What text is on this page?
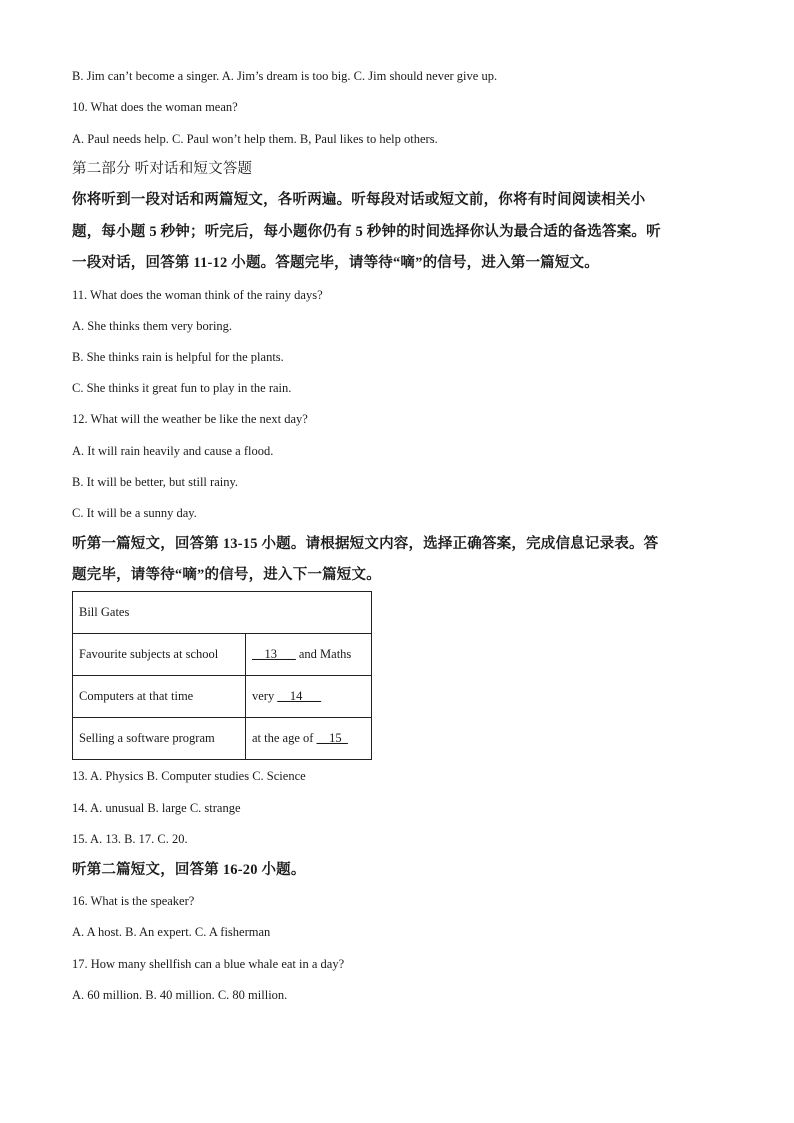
B. Jim can’t become a singer. A. Jim’s dream is too big. C. Jim should never give up.
10. What does the woman mean?
A. Paul needs help. C. Paul won’t help them. B, Paul likes to help others.
第二部分 听对话和短文答题
你将听到一段对话和两篇短文，各听两遍。听每段对话或短文前，你将有时间阅读相关小
题，每小题 5 秒钟；听完后，每小题你仍有 5 秒钟的时间选择你认为最合适的备选答案。听
一段对话，回答第 11-12 小题。答题完毕，请等待“嘀”的信号，进入第一篇短文。
11. What does the woman think of the rainy days?
A. She thinks them very boring.
B. She thinks rain is helpful for the plants.
C. She thinks it great fun to play in the rain.
12. What will the weather be like the next day?
A. It will rain heavily and cause a flood.
B. It will be better, but still rainy.
C. It will be a sunny day.
听第一篇短文，回答第 13-15 小题。请根据短文内容，选择正确答案，完成信息记录表。答
题完毕，请等待“嘀”的信号，进入下一篇短文。
Bill Gates	
Favourite subjects at school	__13___ and Maths
Computers at that time	very __14___
Selling a software program	at the age of __15_
13. A. Physics B. Computer studies C. Science
14. A. unusual B. large C. strange
15. A. 13. B. 17. C. 20.
听第二篇短文，回答第 16-20 小题。
16. What is the speaker?
A. A host. B. An expert. C. A fisherman
17. How many shellfish can a blue whale eat in a day?
A. 60 million. B. 40 million. C. 80 million.
